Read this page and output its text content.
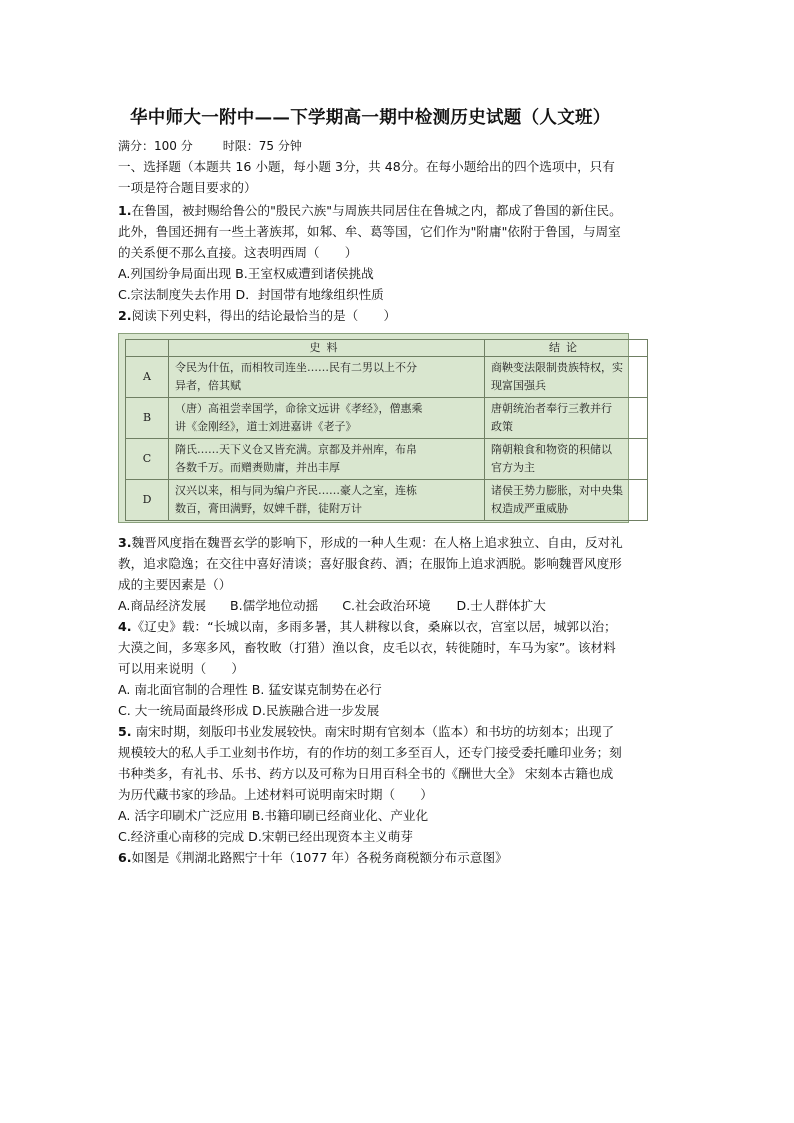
华中师大一附中——下学期高一期中检测历史试题（人文班）
满分：100 分	时限：75 分钟
一、选择题（本题共 16 小题，每小题 3分，共 48分。在每小题给出的四个选项中，只有
一项是符合题目要求的）
1.在鲁国，被封赐给鲁公的"殷民六族"与周族共同居住在鲁城之内，都成了鲁国的新住民。
此外，鲁国还拥有一些土著族邦，如邾、牟、葛等国，它们作为"附庸"依附于鲁国，与周室
的关系便不那么直接。这表明西周（　　）
A.列国纷争局面出现 B.王室权威遭到诸侯挑战
C.宗法制度失去作用 D．封国带有地缘组织性质
2.阅读下列史料，得出的结论最恰当的是（　　）
	史料	结论
A	令民为什伍，而相牧司连坐……民有二男以上不分
异者，倍其赋	商鞅变法限制贵族特权，实
现富国强兵
B	（唐）高祖尝幸国学，命徐文远讲《孝经》，僧惠乘
讲《金刚经》，道士刘进嘉讲《老子》	唐朝统治者奉行三教并行
政策
C	隋氏……天下义仓又皆充满。京都及并州库，布帛
各数千万。而赠赉勋庸，并出丰厚	隋朝粮食和物资的积储以
官方为主
D	汉兴以来，相与同为编户齐民……豪人之室，连栋
数百，膏田满野，奴婢千群，徒附万计	诸侯王势力膨胀，对中央集
权造成严重威胁
3.魏晋风度指在魏晋玄学的影响下，形成的一种人生观：在人格上追求独立、自由，反对礼
教，追求隐逸；在交往中喜好清谈；喜好服食药、酒；在服饰上追求洒脱。影响魏晋风度形
成的主要因素是（）
A.商品经济发展 B.儒学地位动摇 C.社会政治环境 D.士人群体扩大
4.《辽史》载：“长城以南，多雨多暑，其人耕稼以食，桑麻以衣，宫室以居，城郭以治；
大漠之间，多寒多风，畜牧畋（打猎）渔以食，皮毛以衣，转徙随时，车马为家”。该材料
可以用来说明（　　）
A. 南北面官制的合理性 B. 猛安谋克制势在必行
C. 大一统局面最终形成 D.民族融合进一步发展
5. 南宋时期，刻版印书业发展较快。南宋时期有官刻本（监本）和书坊的坊刻本；出现了
规模较大的私人手工业刻书作坊，有的作坊的刻工多至百人，还专门接受委托雕印业务；刻
书种类多，有礼书、乐书、药方以及可称为日用百科全书的《酬世大全》 宋刻本古籍也成
为历代藏书家的珍品。上述材料可说明南宋时期（　　）
A. 活字印刷术广泛应用 B.书籍印刷已经商业化、产业化
C.经济重心南移的完成 D.宋朝已经出现资本主义萌芽
6.如图是《荆湖北路熙宁十年（1077 年）各税务商税额分布示意图》
